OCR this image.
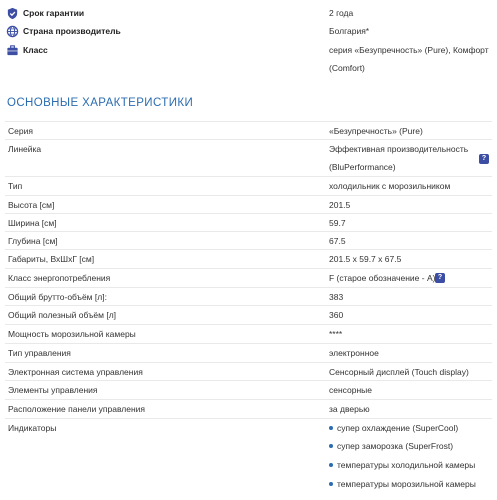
Срок гарантии	2 года
Страна производитель	Болгария*
Класс	серия «Безупречность» (Pure), Комфорт
(Comfort)
ОСНОВНЫЕ ХАРАКТЕРИСТИКИ
Серия	«Безупречность» (Pure)
Линейка	Эффективная производительность
(BluPerformance)
?
Тип	холодильник с морозильником
Высота [см]	201.5
Ширина [см]	59.7
Глубина [см]	67.5
Габариты, ВхШхГ [см]	201.5 x 59.7 x 67.5
Класс энергопотребления	F (старое обозначение - A) ?
Общий брутто-объём [л]:	383
Общий полезный объём [л]	360
Мощность морозильной камеры	****
Тип управления	электронное
Электронная система управления	Сенсорный дисплей (Touch display)
Элементы управления	сенсорные
Расположение панели управления	за дверью
Индикаторы	супер охлаждение (SuperCool)
супер заморозка (SuperFrost)
температуры холодильной камеры
температуры морозильной камеры
